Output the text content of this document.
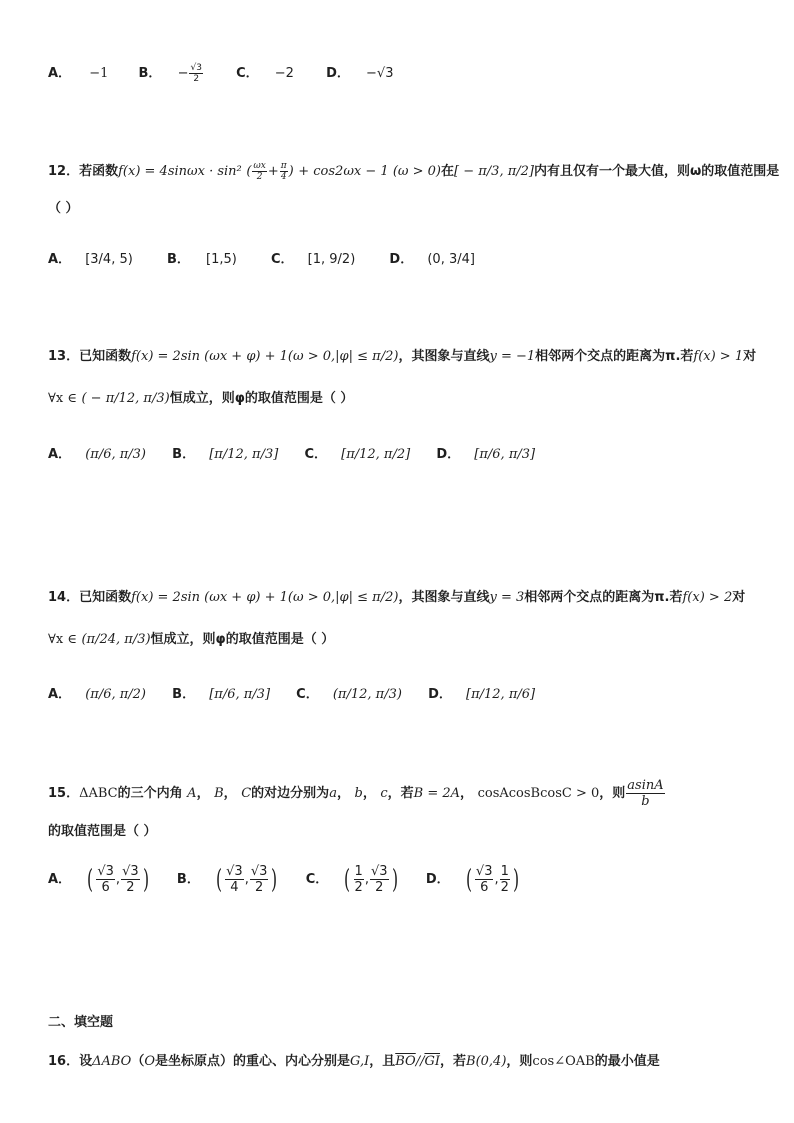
A． −1 B． − $\frac{√3}{2}$	C． −2 D． −√3
12．若函数f(x) = 4sinωx · sin² ( $\frac{\omega x}{2} + \frac{\pi}{4}$ ) + cos2ωx − 1 (ω > 0)在[ − π/3, π/2]内有且仅有一个最大值，则ω的取值范围是
（ ）
A． [3/4, 5)	B． [1,5)	C． [1, 9/2)	D． (0, 3/4]
13．已知函数f(x) = 2sin (ωx + φ) + 1(ω > 0,|φ| ≤ π/2)，其图象与直线y = −1相邻两个交点的距离为π.若f(x) > 1对
∀x ∈ ( − π/12, π/3)恒成立，则φ的取值范围是（ ）
A． (π/6, π/3) B． [π/12, π/3] C． [π/12, π/2] D． [π/6, π/3]
14．已知函数f(x) = 2sin (ωx + φ) + 1(ω > 0,|φ| ≤ π/2)，其图象与直线y = 3相邻两个交点的距离为π.若f(x) > 2对
∀x ∈ (π/24, π/3)恒成立，则φ的取值范围是（ ）
A． (π/6, π/2) B． [π/6, π/3] C． (π/12, π/3) D． [π/12, π/6]
15．ΔABC的三个内角 A， B， C的对边分别为a， b， c，若B = 2A， cosAcosBcosC > 0，则 $\frac{asinA}{b}$
的取值范围是（ ）
A． ( $\frac{√3}{6}$ , $\frac{√3}{2}$ ) B． ( $\frac{√3}{4}$ , $\frac{√3}{2}$ ) C． ( $\frac{1}{2}$ , $\frac{√3}{2}$ ) D． ( $\frac{√3}{6}$ , $\frac{1}{2}$ )
二、填空题
16．设ΔABO（O是坐标原点）的重心、内心分别是G,I，且$\overline{BO}//\overline{GI}$，若B(0,4)，则cos∠OAB的最小值是
